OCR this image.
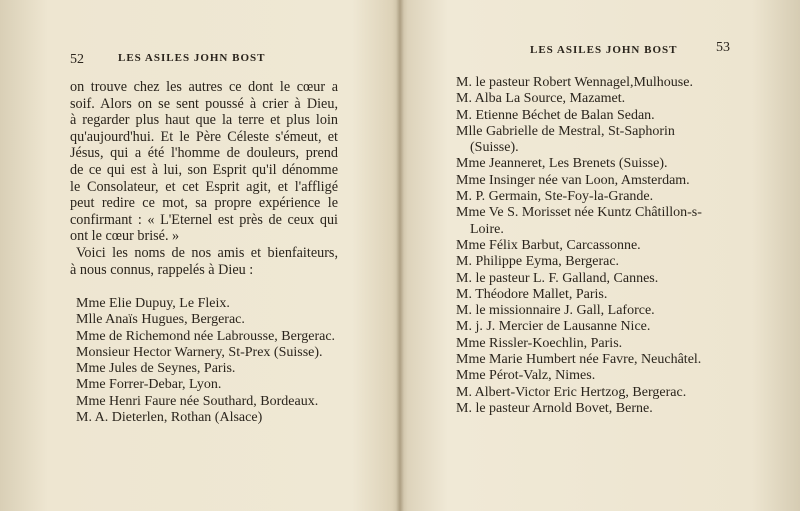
52	LES ASILES JOHN BOST
on trouve chez les autres ce dont le cœur a
soif. Alors on se sent poussé à crier à Dieu,
à regarder plus haut que la terre et plus loin
qu'aujourd'hui. Et le Père Céleste s'émeut, et
Jésus, qui a été l'homme de douleurs, prend
de ce qui est à lui, son Esprit qu'il dénomme
le Consolateur, et cet Esprit agit, et l'affligé
peut redire ce mot, sa propre expérience le
confirmant : « L'Eternel est près de ceux qui
ont le cœur brisé. »
Voici les noms de nos amis et bienfaiteurs,
à nous connus, rappelés à Dieu :
Mme Elie Dupuy, Le Fleix.
Mlle Anaïs Hugues, Bergerac.
Mme de Richemond née Labrousse, Bergerac.
Monsieur Hector Warnery, St-Prex (Suisse).
Mme Jules de Seynes, Paris.
Mme Forrer-Debar, Lyon.
Mme Henri Faure née Southard, Bordeaux.
M. A. Dieterlen, Rothan (Alsace)
LES ASILES JOHN BOST	53
M. le pasteur Robert Wennagel,Mulhouse.
M. Alba La Source, Mazamet.
M. Etienne Béchet de Balan Sedan.
Mlle Gabrielle de Mestral, St-Saphorin
(Suisse).
Mme Jeanneret, Les Brenets (Suisse).
Mme Insinger née van Loon, Amsterdam.
M. P. Germain, Ste-Foy-la-Grande.
Mme Ve S. Morisset née Kuntz Châtillon-s-
Loire.
Mme Félix Barbut, Carcassonne.
M. Philippe Eyma, Bergerac.
M. le pasteur L. F. Galland, Cannes.
M. Théodore Mallet, Paris.
M. le missionnaire J. Gall, Laforce.
M. j. J. Mercier de Lausanne Nice.
Mme Rissler-Koechlin, Paris.
Mme Marie Humbert née Favre, Neuchâtel.
Mme Pérot-Valz, Nimes.
M. Albert-Victor Eric Hertzog, Bergerac.
M. le pasteur Arnold Bovet, Berne.
